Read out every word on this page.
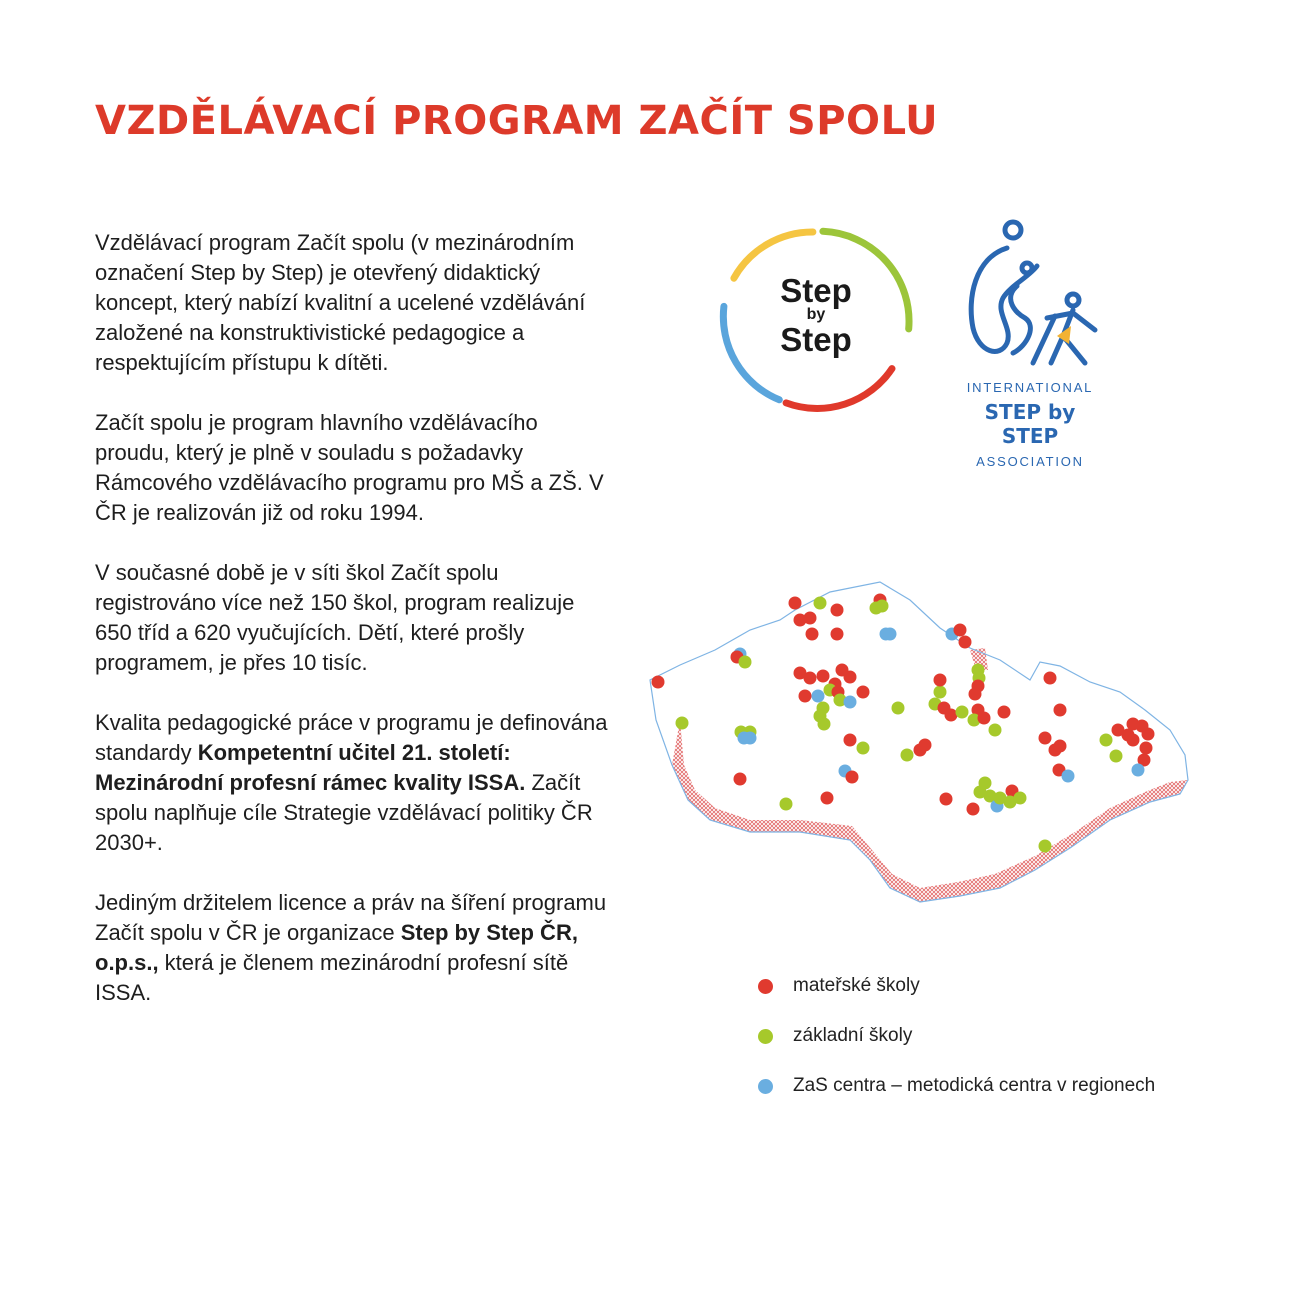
VZDĚLÁVACÍ PROGRAM ZAČÍT SPOLU

Vzdělávací program Začít spolu (v mezinárodním označení Step by Step) je otevřený didaktický koncept, který nabízí kvalitní a ucelené vzdělávání založené na konstruktivistické pedagogice a respektujícím přístupu k dítěti.

Začít spolu je program hlavního vzdělávacího proudu, který je plně v souladu s požadavky Rámcového vzdělávacího programu pro MŠ a ZŠ. V ČR je realizován již od roku 1994.

V současné době je v síti škol Začít spolu registrováno více než 150 škol, program realizuje 650 tříd a 620 vyučujících. Dětí, které prošly programem, je přes 10 tisíc.

Kvalita pedagogické práce v programu je definována standardy Kompetentní učitel 21. století: Mezinárodní profesní rámec kvality ISSA. Začít spolu naplňuje cíle Strategie vzdělávací politiky ČR 2030+.

Jediným držitelem licence a práv na šíření programu Začít spolu v ČR je organizace Step by Step ČR, o.p.s., která je členem mezinárodní profesní sítě ISSA.

Step
by
Step
INTERNATIONAL
STEP by STEP
ASSOCIATION
mateřské školy
základní školy
ZaS centra – metodická centra v regionech
